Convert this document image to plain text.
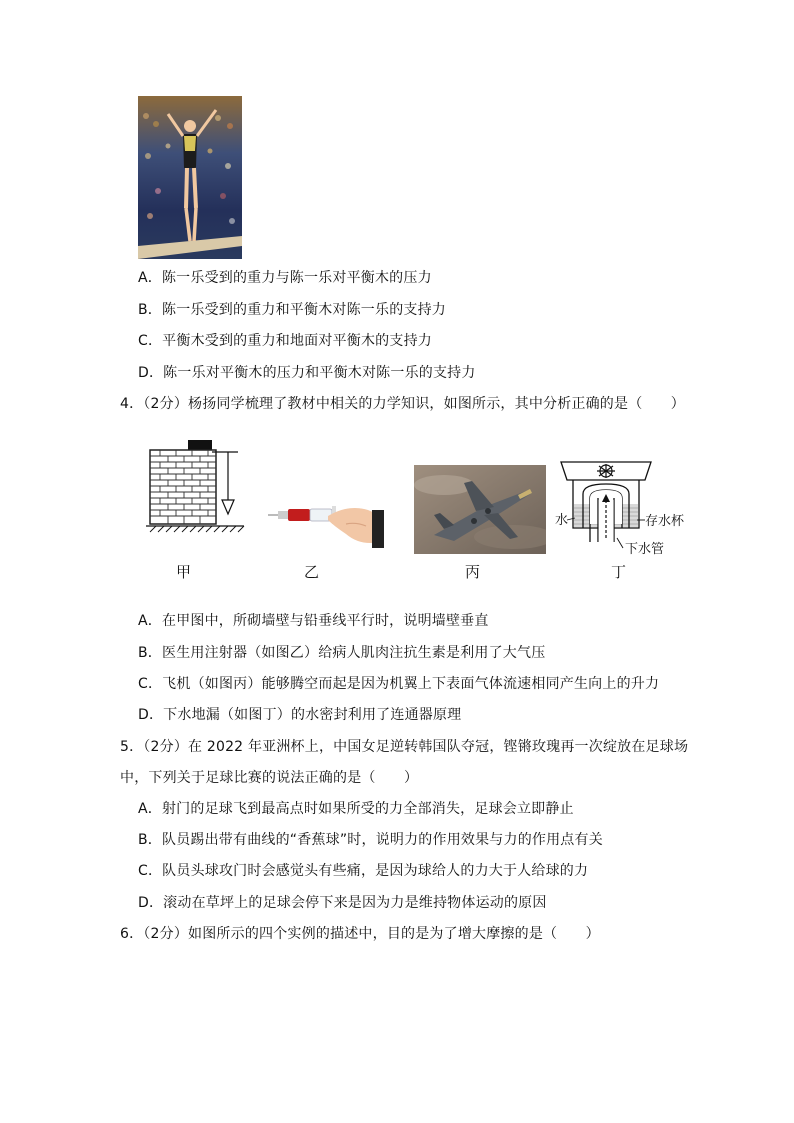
A．陈一乐受到的重力与陈一乐对平衡木的压力
B．陈一乐受到的重力和平衡木对陈一乐的支持力
C．平衡木受到的重力和地面对平衡木的支持力
D．陈一乐对平衡木的压力和平衡木对陈一乐的支持力
4．（2分）杨扬同学梳理了教材中相关的力学知识，如图所示，其中分析正确的是（　　）
水	存水杯
下水管
甲	乙	丙	丁
A．在甲图中，所砌墙壁与铅垂线平行时，说明墙壁垂直
B．医生用注射器（如图乙）给病人肌肉注抗生素是利用了大气压
C．飞机（如图丙）能够腾空而起是因为机翼上下表面气体流速相同产生向上的升力
D．下水地漏（如图丁）的水密封利用了连通器原理
5．（2分）在 2022 年亚洲杯上，中国女足逆转韩国队夺冠，铿锵玫瑰再一次绽放在足球场
中，下列关于足球比赛的说法正确的是（　　）
A．射门的足球飞到最高点时如果所受的力全部消失，足球会立即静止
B．队员踢出带有曲线的“香蕉球”时，说明力的作用效果与力的作用点有关
C．队员头球攻门时会感觉头有些痛，是因为球给人的力大于人给球的力
D．滚动在草坪上的足球会停下来是因为力是维持物体运动的原因
6．（2分）如图所示的四个实例的描述中，目的是为了增大摩擦的是（　　）
